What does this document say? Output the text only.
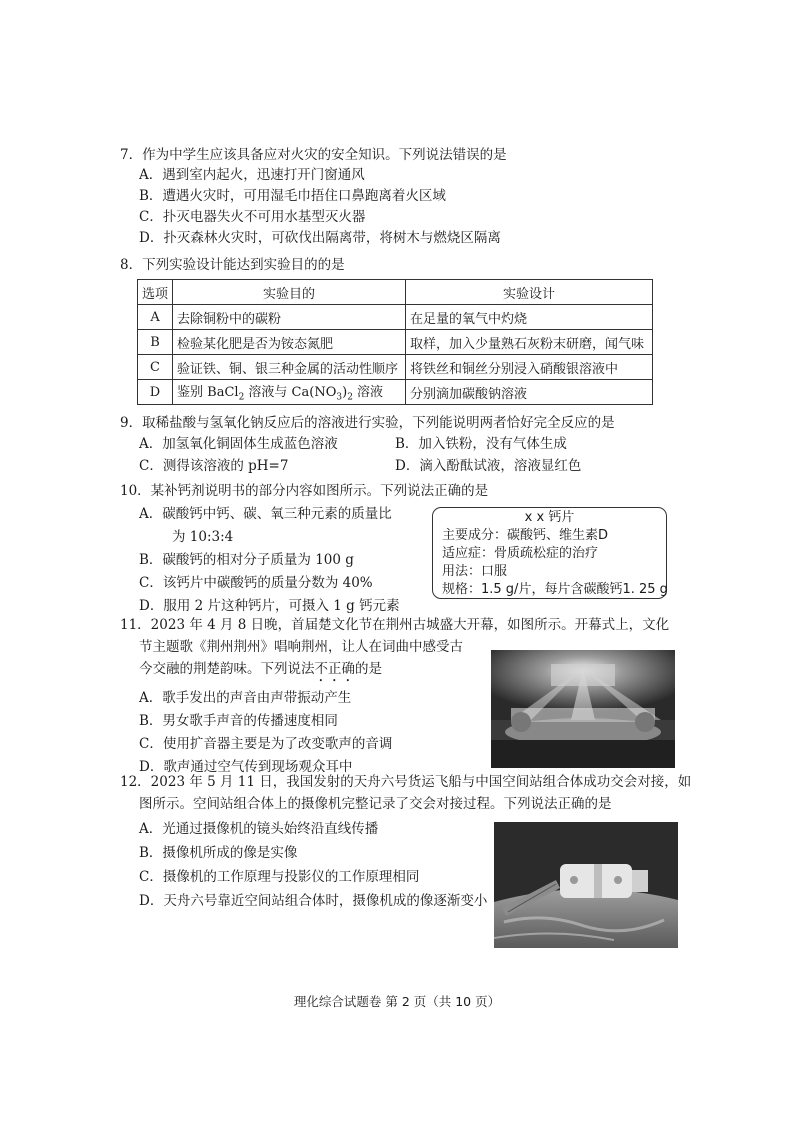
7．作为中学生应该具备应对火灾的安全知识。下列说法错误的是
A．遇到室内起火，迅速打开门窗通风
B．遭遇火灾时，可用湿毛巾捂住口鼻跑离着火区域
C．扑灭电器失火不可用水基型灭火器
D．扑灭森林火灾时，可砍伐出隔离带，将树木与燃烧区隔离
8．下列实验设计能达到实验目的的是
选项	实验目的	实验设计
A	去除铜粉中的碳粉	在足量的氧气中灼烧
B	检验某化肥是否为铵态氮肥	取样，加入少量熟石灰粉末研磨，闻气味
C	验证铁、铜、银三种金属的活动性顺序	将铁丝和铜丝分别浸入硝酸银溶液中
D	鉴别 BaCl$_2$ 溶液与 $Ca(NO_3)_2$ 溶液	分别滴加碳酸钠溶液
9．取稀盐酸与氢氧化钠反应后的溶液进行实验，下列能说明两者恰好完全反应的是
A．加氢氧化铜固体生成蓝色溶液	B．加入铁粉，没有气体生成
C．测得该溶液的 pH=7	D．滴入酚酞试液，溶液显红色
10．某补钙剂说明书的部分内容如图所示。下列说法正确的是
A．碳酸钙中钙、碳、氧三种元素的质量比
为 10:3:4
B．碳酸钙的相对分子质量为 100 g
C．该钙片中碳酸钙的质量分数为 40%
D．服用 2 片这种钙片，可摄入 1 g 钙元素
x x 钙片
主要成分：碳酸钙、维生素D
适应症：骨质疏松症的治疗
用法：口服
规格：1.5 g/片，每片含碳酸钙1. 25 g
11．2023 年 4 月 8 日晚，首届楚文化节在荆州古城盛大开幕，如图所示。开幕式上，文化
节主题歌《荆州荆州》唱响荆州，让人在词曲中感受古
今交融的荆楚韵味。下列说法不正确的是
A．歌手发出的声音由声带振动产生
B．男女歌手声音的传播速度相同
C．使用扩音器主要是为了改变歌声的音调
D．歌声通过空气传到现场观众耳中
12．2023 年 5 月 11 日，我国发射的天舟六号货运飞船与中国空间站组合体成功交会对接，如
图所示。空间站组合体上的摄像机完整记录了交会对接过程。下列说法正确的是
A．光通过摄像机的镜头始终沿直线传播
B．摄像机所成的像是实像
C．摄像机的工作原理与投影仪的工作原理相同
D．天舟六号靠近空间站组合体时，摄像机成的像逐渐变小
理化综合试题卷 第 2 页（共 10 页）
